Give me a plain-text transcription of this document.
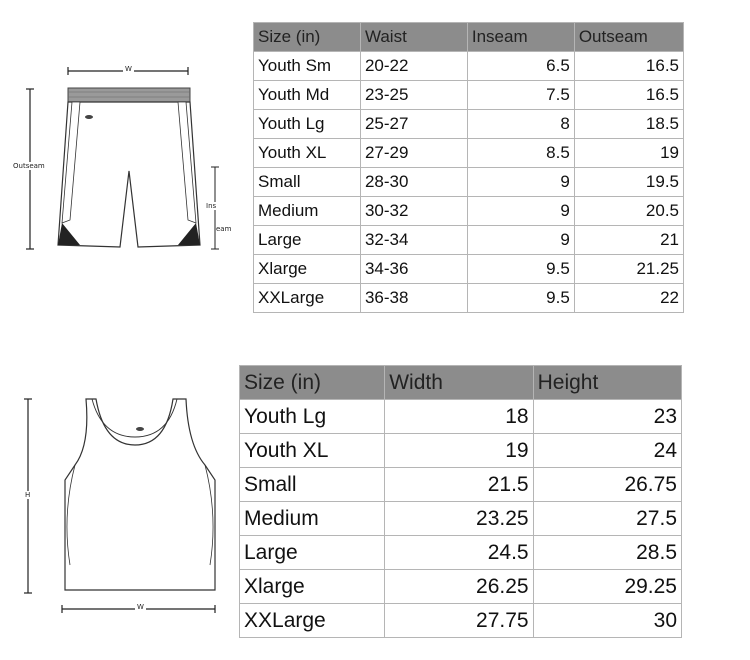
W
Outseam
Ins
eam
Size (in)	Waist	Inseam	Outseam
Youth Sm	20-22	6.5	16.5
Youth Md	23-25	7.5	16.5
Youth Lg	25-27	8	18.5
Youth XL	27-29	8.5	19
Small	28-30	9	19.5
Medium	30-32	9	20.5
Large	32-34	9	21
Xlarge	34-36	9.5	21.25
XXLarge	36-38	9.5	22
H
W
Size (in)	Width	Height
Youth Lg	18	23
Youth XL	19	24
Small	21.5	26.75
Medium	23.25	27.5
Large	24.5	28.5
Xlarge	26.25	29.25
XXLarge	27.75	30
